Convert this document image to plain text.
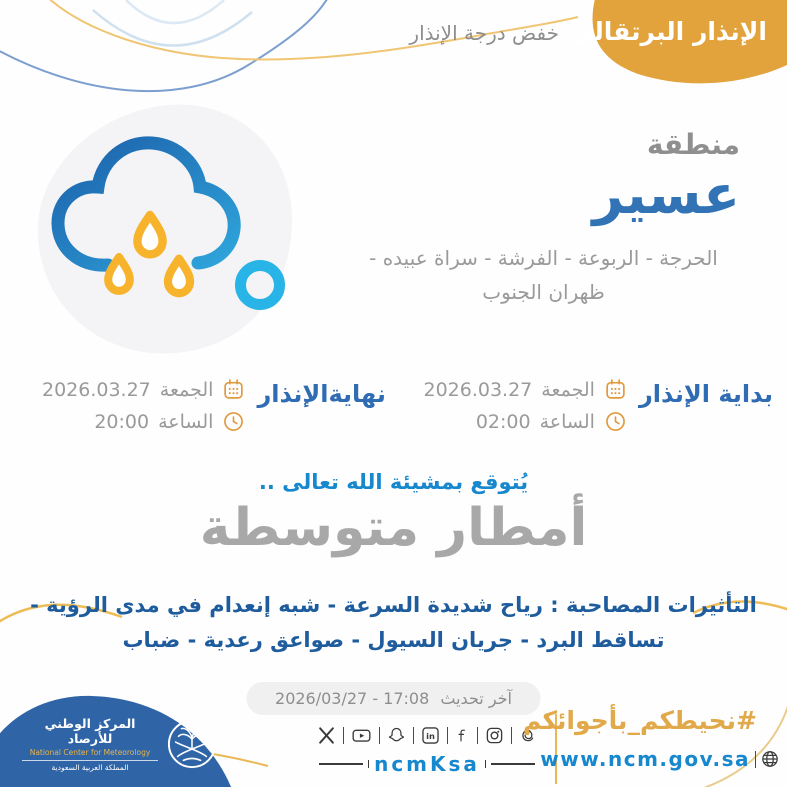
الإنذار البرتقالي
خفض درجة الإنذار
منطقة
عسير
الحرجة - الربوعة - الفرشة - سراة عبيده - ظهران الجنوب
بداية الإنذار
الجمعة
2026.03.27
الساعة
02:00
نهايةالإنذار
الجمعة
2026.03.27
الساعة
20:00
يُتوقع بمشيئة الله تعالى ..
أمطار متوسطة
التأثيرات المصاحبة : رياح شديدة السرعة - شبه إنعدام في مدى الرؤية -
تساقط البرد - جريان السيول - صواعق رعدية - ضباب
آخر تحديث 2026/03/27 - 17:08
المركز الوطني للأرصاد
National Center for Meteorology
المملكة العربية السعودية
in
ncmKsa
#نحيطكم_بأجوائكم
www.ncm.gov.sa
